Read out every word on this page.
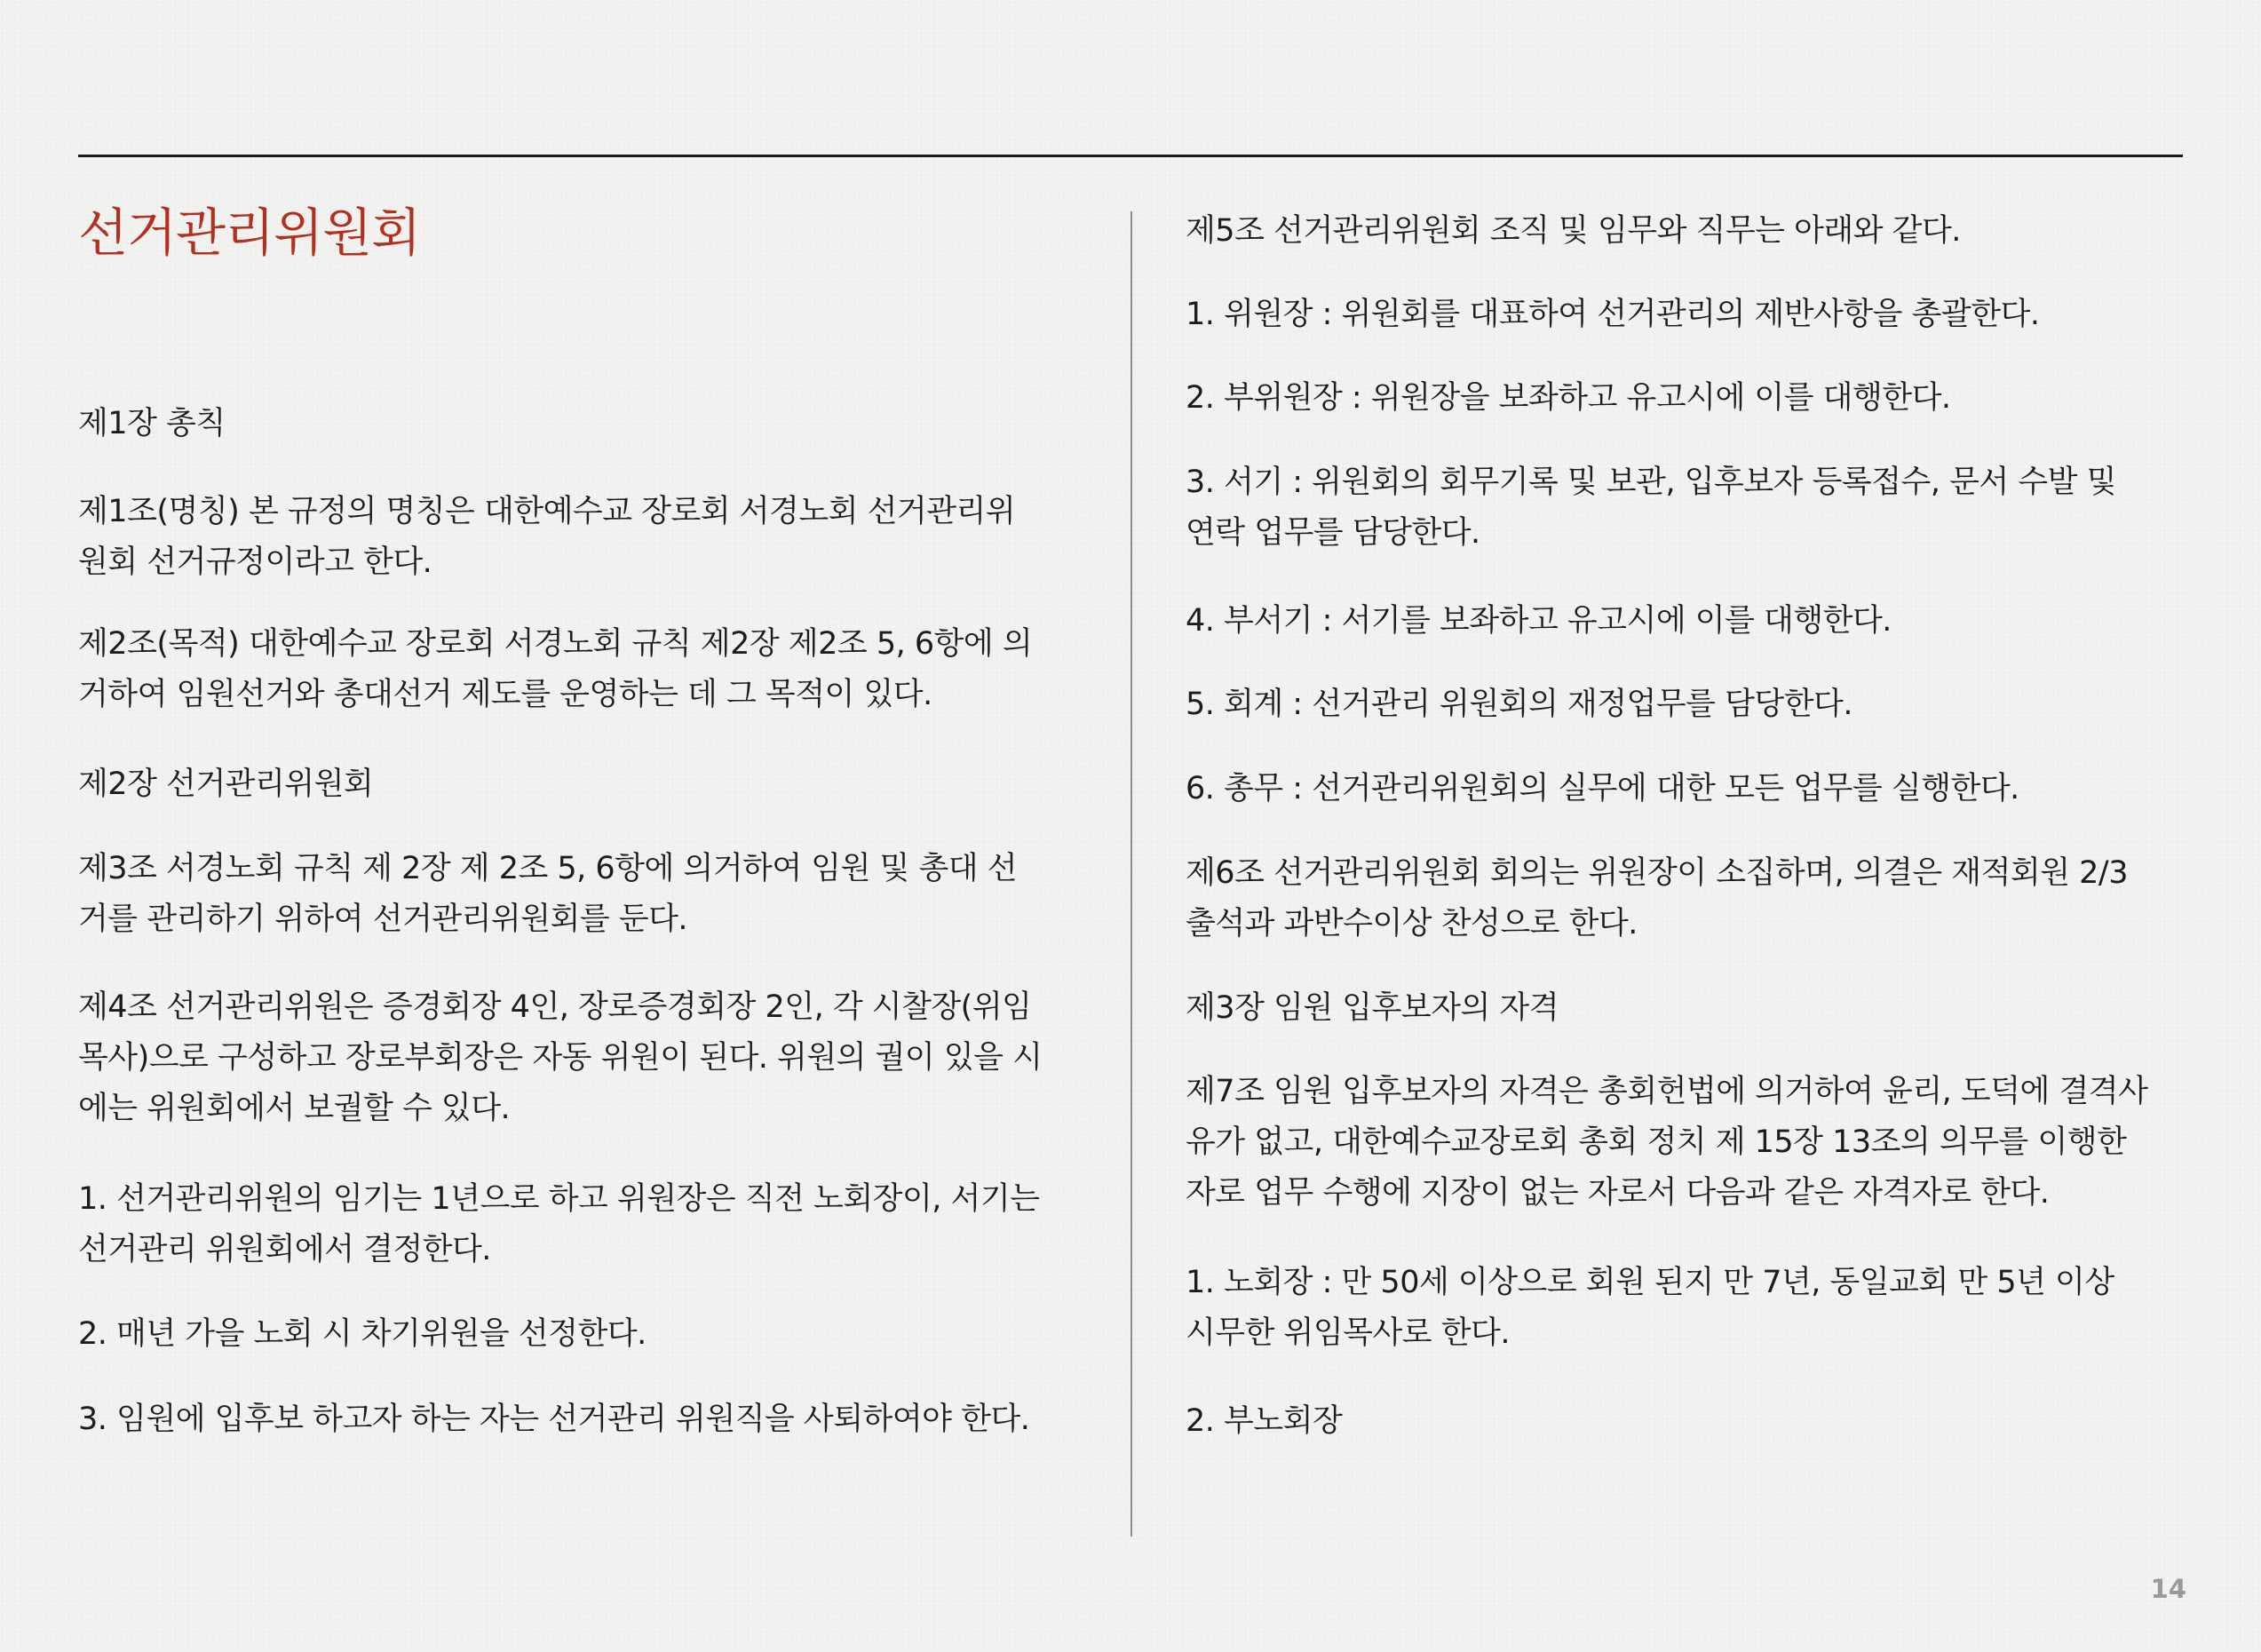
선거관리위원회

제1장 총칙

제1조(명칭) 본 규정의 명칭은 대한예수교 장로회 서경노회 선거관리위
원회 선거규정이라고 한다.

제2조(목적) 대한예수교 장로회 서경노회 규칙 제2장 제2조 5, 6항에 의
거하여 임원선거와 총대선거 제도를 운영하는 데 그 목적이 있다.

제2장 선거관리위원회

제3조 서경노회 규칙 제 2장 제 2조 5, 6항에 의거하여 임원 및 총대 선
거를 관리하기 위하여 선거관리위원회를 둔다.

제4조 선거관리위원은 증경회장 4인, 장로증경회장 2인, 각 시찰장(위임
목사)으로 구성하고 장로부회장은 자동 위원이 된다. 위원의 궐이 있을 시
에는 위원회에서 보궐할 수 있다.

1. 선거관리위원의 임기는 1년으로 하고 위원장은 직전 노회장이, 서기는
선거관리 위원회에서 결정한다.

2. 매년 가을 노회 시 차기위원을 선정한다.

3. 임원에 입후보 하고자 하는 자는 선거관리 위원직을 사퇴하여야 한다.

제5조 선거관리위원회 조직 및 임무와 직무는 아래와 같다.

1. 위원장 : 위원회를 대표하여 선거관리의 제반사항을 총괄한다.

2. 부위원장 : 위원장을 보좌하고 유고시에 이를 대행한다.

3. 서기 : 위원회의 회무기록 및 보관, 입후보자 등록접수, 문서 수발 및
연락 업무를 담당한다.

4. 부서기 : 서기를 보좌하고 유고시에 이를 대행한다.

5. 회계 : 선거관리 위원회의 재정업무를 담당한다.

6. 총무 : 선거관리위원회의 실무에 대한 모든 업무를 실행한다.

제6조 선거관리위원회 회의는 위원장이 소집하며, 의결은 재적회원 2/3
출석과 과반수이상 찬성으로 한다.

제3장 임원 입후보자의 자격

제7조 임원 입후보자의 자격은 총회헌법에 의거하여 윤리, 도덕에 결격사
유가 없고, 대한예수교장로회 총회 정치 제 15장 13조의 의무를 이행한
자로 업무 수행에 지장이 없는 자로서 다음과 같은 자격자로 한다.

1. 노회장 : 만 50세 이상으로 회원 된지 만 7년, 동일교회 만 5년 이상
시무한 위임목사로 한다.

2. 부노회장

14
